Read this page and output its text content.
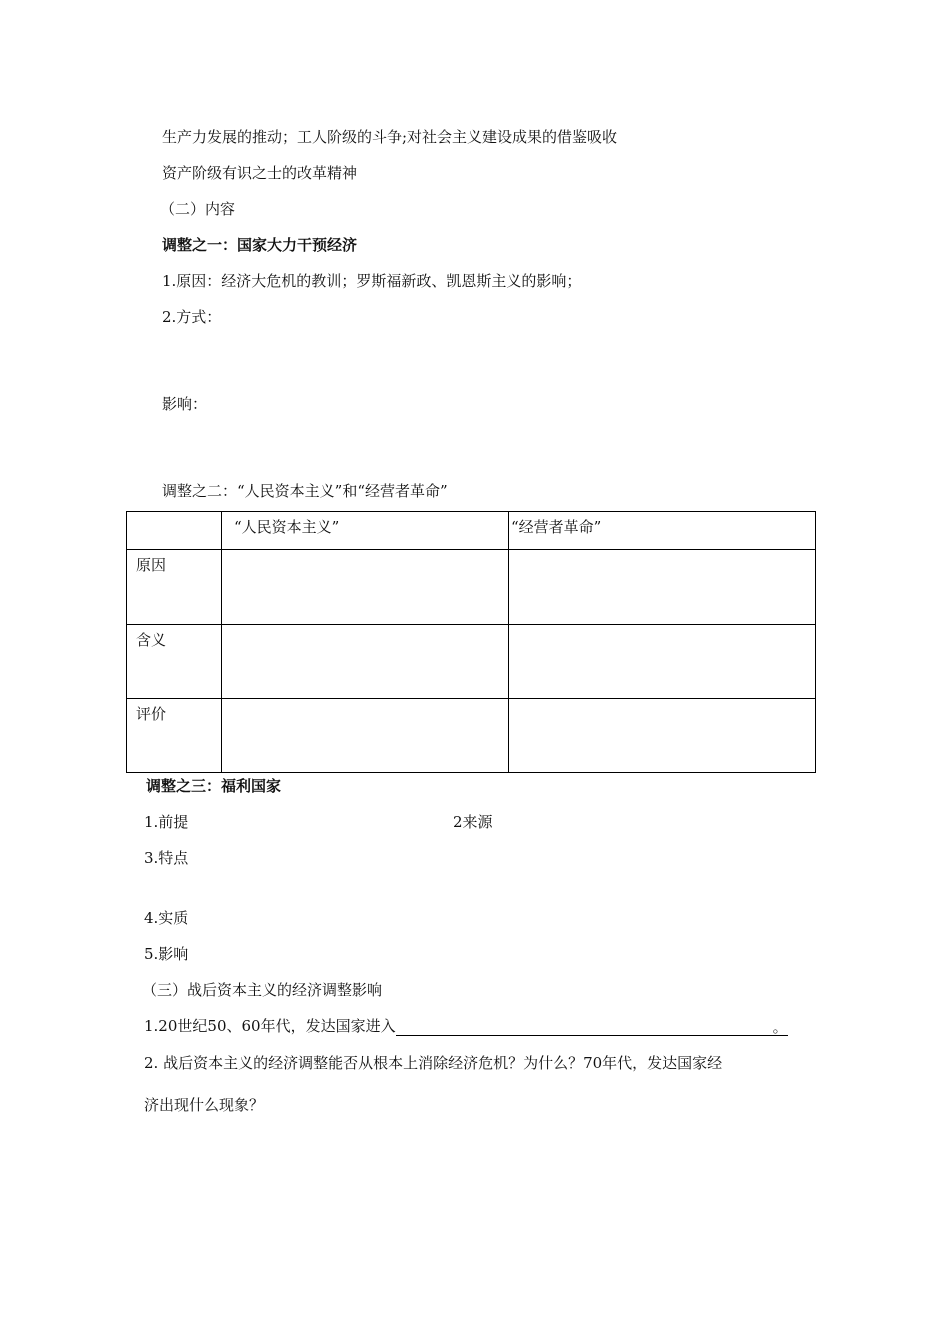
生产力发展的推动；工人阶级的斗争;对社会主义建设成果的借鉴吸收
资产阶级有识之士的改革精神
（二）内容
调整之一：国家大力干预经济
1.原因：经济大危机的教训；罗斯福新政、凯恩斯主义的影响；
2.方式：
影响：
调整之二：“人民资本主义”和“经营者革命”
	“人民资本主义”	“经营者革命”
原因		
含义		
评价		
调整之三：福利国家
1.前提	2来源
3.特点
4.实质
5.影响
（三）战后资本主义的经济调整影响
1.20世纪50、60年代，发达国家进入	。
2. 战后资本主义的经济调整能否从根本上消除经济危机？为什么？70年代，发达国家经
济出现什么现象？
